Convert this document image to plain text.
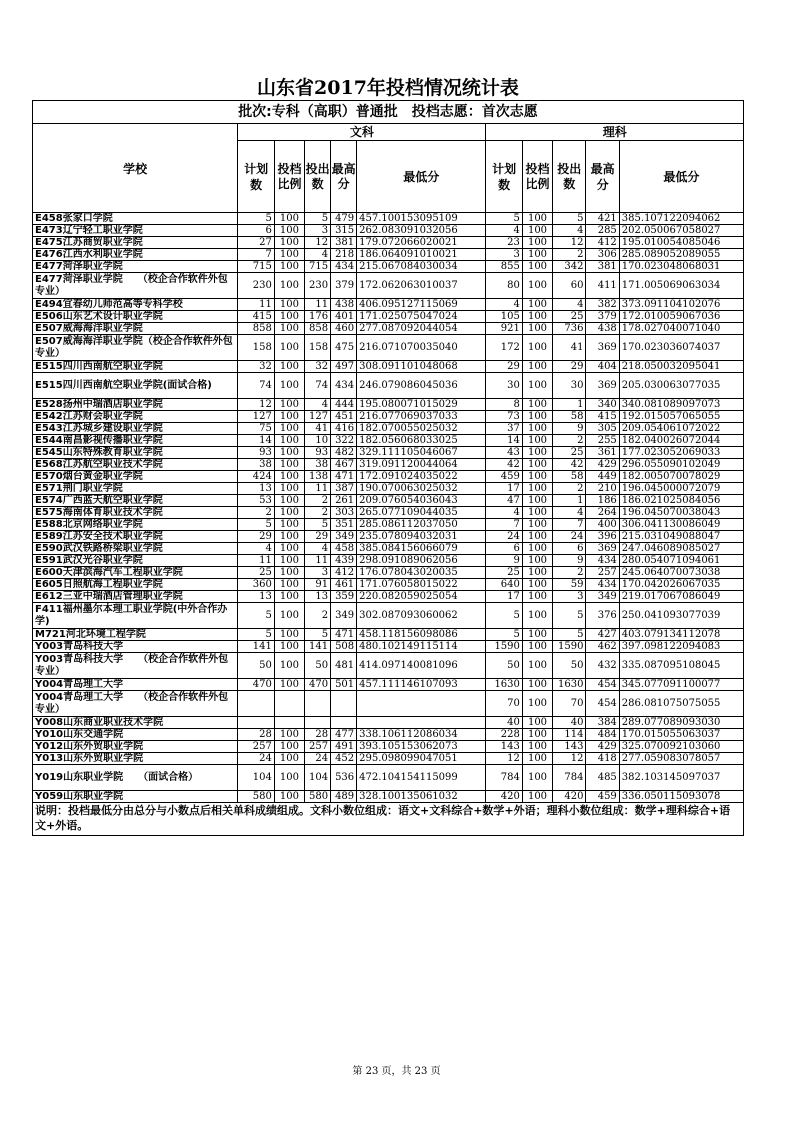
山东省2017年投档情况统计表
批次:专科（高职）普通批　投档志愿：首次志愿										
学校	文科					理科				
	计划数	投档比例	投出数	最高分	最低分	计划数	投档比例	投出数	最高分	最低分
E458张家口学院	5	100	5	479	457.100153095109	5	100	5	421	385.107122094062
E473辽宁轻工职业学院	6	100	3	315	262.083091032056	4	100	4	285	202.050067058027
E475江苏商贸职业学院	27	100	12	381	179.072066020021	23	100	12	412	195.010054085046
E476江西水利职业学院	7	100	4	218	186.064091010021	3	100	2	306	285.089052089055
E477菏泽职业学院	715	100	715	434	215.067084030034	855	100	342	381	170.023048068031
E477菏泽职业学院　　（校企合作软件外包专业）	230	100	230	379	172.062063010037	80	100	60	411	171.005069063034
E494宜春幼儿师范高等专科学校	11	100	11	438	406.095127115069	4	100	4	382	373.091104102076
E506山东艺术设计职业学院	415	100	176	401	171.025075047024	105	100	25	379	172.010059067036
E507威海海洋职业学院	858	100	858	460	277.087092044054	921	100	736	438	178.027040071040
E507威海海洋职业学院（校企合作软件外包专业）	158	100	158	475	216.071070035040	172	100	41	369	170.023036074037
E515四川西南航空职业学院	32	100	32	497	308.091101048068	29	100	29	404	218.050032095041
E515四川西南航空职业学院(面试合格)	74	100	74	434	246.079086045036	30	100	30	369	205.030063077035
E528扬州中瑞酒店职业学院	12	100	4	444	195.080071015029	8	100	1	340	340.081089097073
E542江苏财会职业学院	127	100	127	451	216.077069037033	73	100	58	415	192.015057065055
E543江苏城乡建设职业学院	75	100	41	416	182.070055025032	37	100	9	305	209.054061072022
E544南昌影视传播职业学院	14	100	10	322	182.056068033025	14	100	2	255	182.040026072044
E545山东特殊教育职业学院	93	100	93	482	329.111105046067	43	100	25	361	177.023052069033
E568江苏航空职业技术学院	38	100	38	467	319.091120044064	42	100	42	429	296.055090102049
E570烟台黄金职业学院	424	100	138	471	172.091024035022	459	100	58	449	182.005070078029
E571荆门职业学院	13	100	11	387	190.070063025032	17	100	2	210	196.045000072079
E574广西蓝天航空职业学院	53	100	2	261	209.076054036043	47	100	1	186	186.021025084056
E575海南体育职业技术学院	2	100	2	303	265.077109044035	4	100	4	264	196.045070038043
E588北京网络职业学院	5	100	5	351	285.086112037050	7	100	7	400	306.041130086049
E589江苏安全技术职业学院	29	100	29	349	235.078094032031	24	100	24	396	215.031049088047
E590武汉铁路桥梁职业学院	4	100	4	458	385.084156066079	6	100	6	369	247.046089085027
E591武汉光谷职业学院	11	100	11	439	298.091089062056	9	100	9	434	280.054071094061
E600天津滨海汽车工程职业学院	25	100	3	412	176.078043020035	25	100	2	257	245.064070073038
E605日照航海工程职业学院	360	100	91	461	171.076058015022	640	100	59	434	170.042026067035
E612三亚中瑞酒店管理职业学院	13	100	13	359	220.082059025054	17	100	3	349	219.017067086049
F411福州墨尔本理工职业学院(中外合作办学)	5	100	2	349	302.087093060062	5	100	5	376	250.041093077039
M721河北环境工程学院	5	100	5	471	458.118156098086	5	100	5	427	403.079134112078
Y003青岛科技大学	141	100	141	508	480.102149115114	1590	100	1590	462	397.098122094083
Y003青岛科技大学　　（校企合作软件外包专业）	50	100	50	481	414.097140081096	50	100	50	432	335.087095108045
Y004青岛理工大学	470	100	470	501	457.111146107093	1630	100	1630	454	345.077091100077
Y004青岛理工大学　　（校企合作软件外包专业）						70	100	70	454	286.081075075055
Y008山东商业职业技术学院						40	100	40	384	289.077089093030
Y010山东交通学院	28	100	28	477	338.106112086034	228	100	114	484	170.015055063037
Y012山东外贸职业学院	257	100	257	491	393.105153062073	143	100	143	429	325.070092103060
Y013山东外贸职业学院	24	100	24	452	295.098099047051	12	100	12	418	277.059083078057
Y019山东职业学院　　（面试合格）	104	100	104	536	472.104154115099	784	100	784	485	382.103145097037
Y059山东职业学院	580	100	580	489	328.100135061032	420	100	420	459	336.050115093078
说明：投档最低分由总分与小数点后相关单科成绩组成。文科小数位组成：语文+文科综合+数学+外语；理科小数位组成：数学+理科综合+语文+外语。										
第 23 页，共 23 页
